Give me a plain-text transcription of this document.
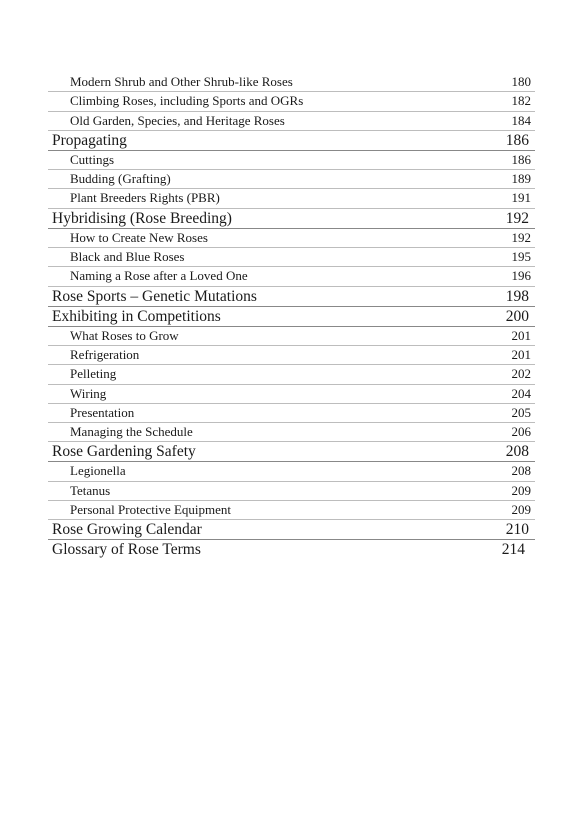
Modern Shrub and Other Shrub-like Roses	180
Climbing Roses, including Sports and OGRs	182
Old Garden, Species, and Heritage Roses	184
Propagating	186
Cuttings	186
Budding (Grafting)	189
Plant Breeders Rights (PBR)	191
Hybridising (Rose Breeding)	192
How to Create New Roses	192
Black and Blue Roses	195
Naming a Rose after a Loved One	196
Rose Sports – Genetic Mutations	198
Exhibiting in Competitions	200
What Roses to Grow	201
Refrigeration	201
Pelleting	202
Wiring	204
Presentation	205
Managing the Schedule	206
Rose Gardening Safety	208
Legionella	208
Tetanus	209
Personal Protective Equipment	209
Rose Growing Calendar	210
Glossary of Rose Terms	214
